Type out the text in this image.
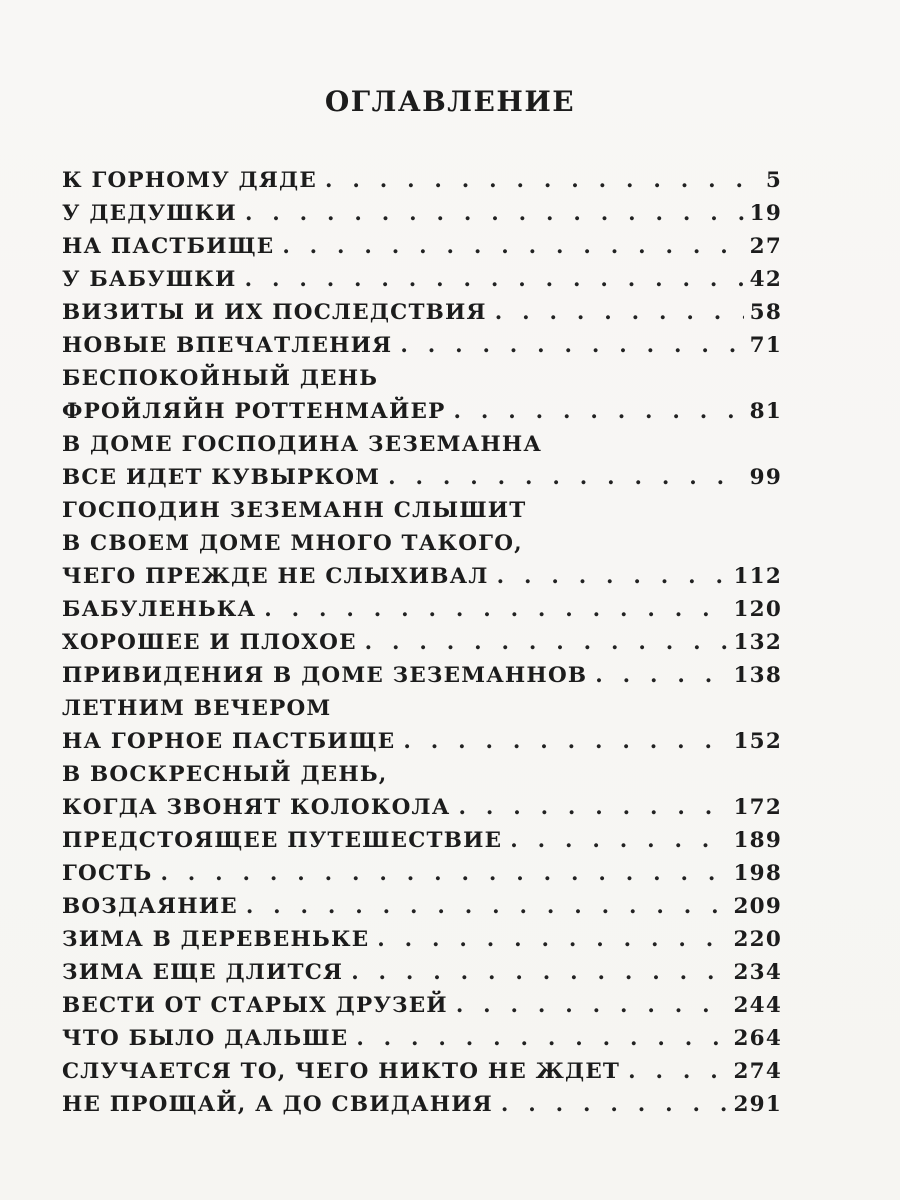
ОГЛАВЛЕНИЕ
К ГОРНОМУ ДЯДЕ . . .	5
У ДЕДУШКИ . . .	19
НА ПАСТБИЩЕ . . .	27
У БАБУШКИ . . .	42
ВИЗИТЫ И ИХ ПОСЛЕДСТВИЯ . . .	58
НОВЫЕ ВПЕЧАТЛЕНИЯ . . .	71
БЕСПОКОЙНЫЙ ДЕНЬ
ФРОЙЛЯЙН РОТТЕНМАЙЕР . . .	81
В ДОМЕ ГОСПОДИНА ЗЕЗЕМАННА
ВСЕ ИДЕТ КУВЫРКОМ . . .	99
ГОСПОДИН ЗЕЗЕМАНН СЛЫШИТ
В СВОЕМ ДОМЕ МНОГО ТАКОГО,
ЧЕГО ПРЕЖДЕ НЕ СЛЫХИВАЛ . . .	112
БАБУЛЕНЬКА . . .	120
ХОРОШЕЕ И ПЛОХОЕ . . .	132
ПРИВИДЕНИЯ В ДОМЕ ЗЕЗЕМАННОВ . . .	138
ЛЕТНИМ ВЕЧЕРОМ
НА ГОРНОЕ ПАСТБИЩЕ . . .	152
В ВОСКРЕСНЫЙ ДЕНЬ,
КОГДА ЗВОНЯТ КОЛОКОЛА . . .	172
ПРЕДСТОЯЩЕЕ ПУТЕШЕСТВИЕ . . .	189
ГОСТЬ . . .	198
ВОЗДАЯНИЕ . . .	209
ЗИМА В ДЕРЕВЕНЬКЕ . . .	220
ЗИМА ЕЩЕ ДЛИТСЯ . . .	234
ВЕСТИ ОТ СТАРЫХ ДРУЗЕЙ . . .	244
ЧТО БЫЛО ДАЛЬШЕ . . .	264
СЛУЧАЕТСЯ ТО, ЧЕГО НИКТО НЕ ЖДЕТ . . .	274
НЕ ПРОЩАЙ, А ДО СВИДАНИЯ . . .	291
